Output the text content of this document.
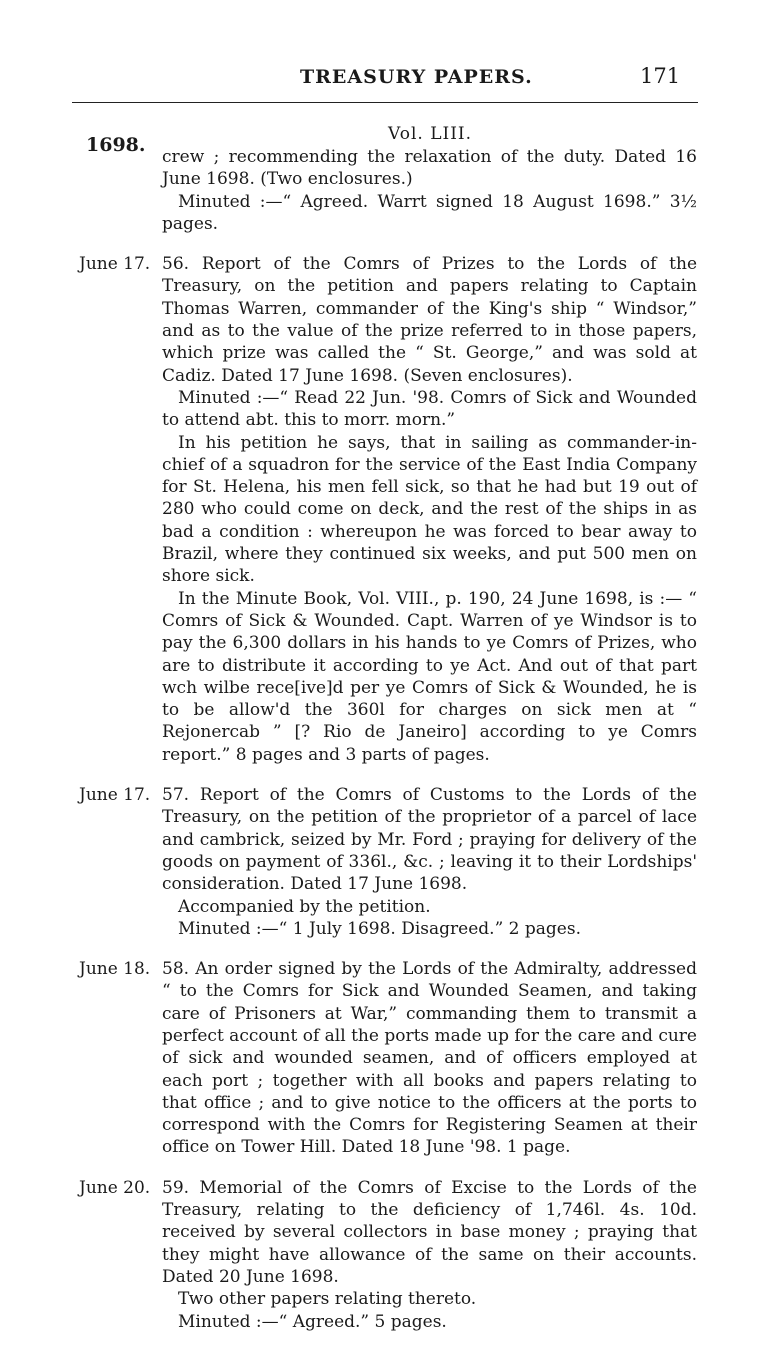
TREASURY PAPERS.	171
1698.	Vol. LIII.

crew ; recommending the relaxation of the duty. Dated 16 June 1698. (Two enclosures.)

Minuted :—“ Agreed. Warrt signed 18 August 1698.” 3½ pages.

June 17. 56. Report of the Comrs of Prizes to the Lords of the Treasury, on the petition and papers relating to Captain Thomas Warren, commander of the King's ship “ Windsor,” and as to the value of the prize referred to in those papers, which prize was called the “ St. George,” and was sold at Cadiz. Dated 17 June 1698. (Seven enclosures).

Minuted :—“ Read 22 Jun. '98. Comrs of Sick and Wounded to attend abt. this to morr. morn.”

In his petition he says, that in sailing as commander-in-chief of a squadron for the service of the East India Company for St. Helena, his men fell sick, so that he had but 19 out of 280 who could come on deck, and the rest of the ships in as bad a condition : whereupon he was forced to bear away to Brazil, where they continued six weeks, and put 500 men on shore sick.

In the Minute Book, Vol. VIII., p. 190, 24 June 1698, is :— “ Comrs of Sick & Wounded. Capt. Warren of ye Windsor is to pay the 6,300 dollars in his hands to ye Comrs of Prizes, who are to distribute it according to ye Act. And out of that part wch wilbe rece[ive]d per ye Comrs of Sick & Wounded, he is to be allow'd the 360l for charges on sick men at “ Rejonercab ” [? Rio de Janeiro] according to ye Comrs report.” 8 pages and 3 parts of pages.

June 17. 57. Report of the Comrs of Customs to the Lords of the Treasury, on the petition of the proprietor of a parcel of lace and cambrick, seized by Mr. Ford ; praying for delivery of the goods on payment of 336l., &c. ; leaving it to their Lordships' consideration. Dated 17 June 1698.

Accompanied by the petition.

Minuted :—“ 1 July 1698. Disagreed.” 2 pages.

June 18. 58. An order signed by the Lords of the Admiralty, addressed “ to the Comrs for Sick and Wounded Seamen, and taking care of Prisoners at War,” commanding them to transmit a perfect account of all the ports made up for the care and cure of sick and wounded seamen, and of officers employed at each port ; together with all books and papers relating to that office ; and to give notice to the officers at the ports to correspond with the Comrs for Registering Seamen at their office on Tower Hill. Dated 18 June '98. 1 page.

June 20. 59. Memorial of the Comrs of Excise to the Lords of the Treasury, relating to the deficiency of 1,746l. 4s. 10d. received by several collectors in base money ; praying that they might have allowance of the same on their accounts. Dated 20 June 1698.

Two other papers relating thereto.

Minuted :—“ Agreed.” 5 pages.
